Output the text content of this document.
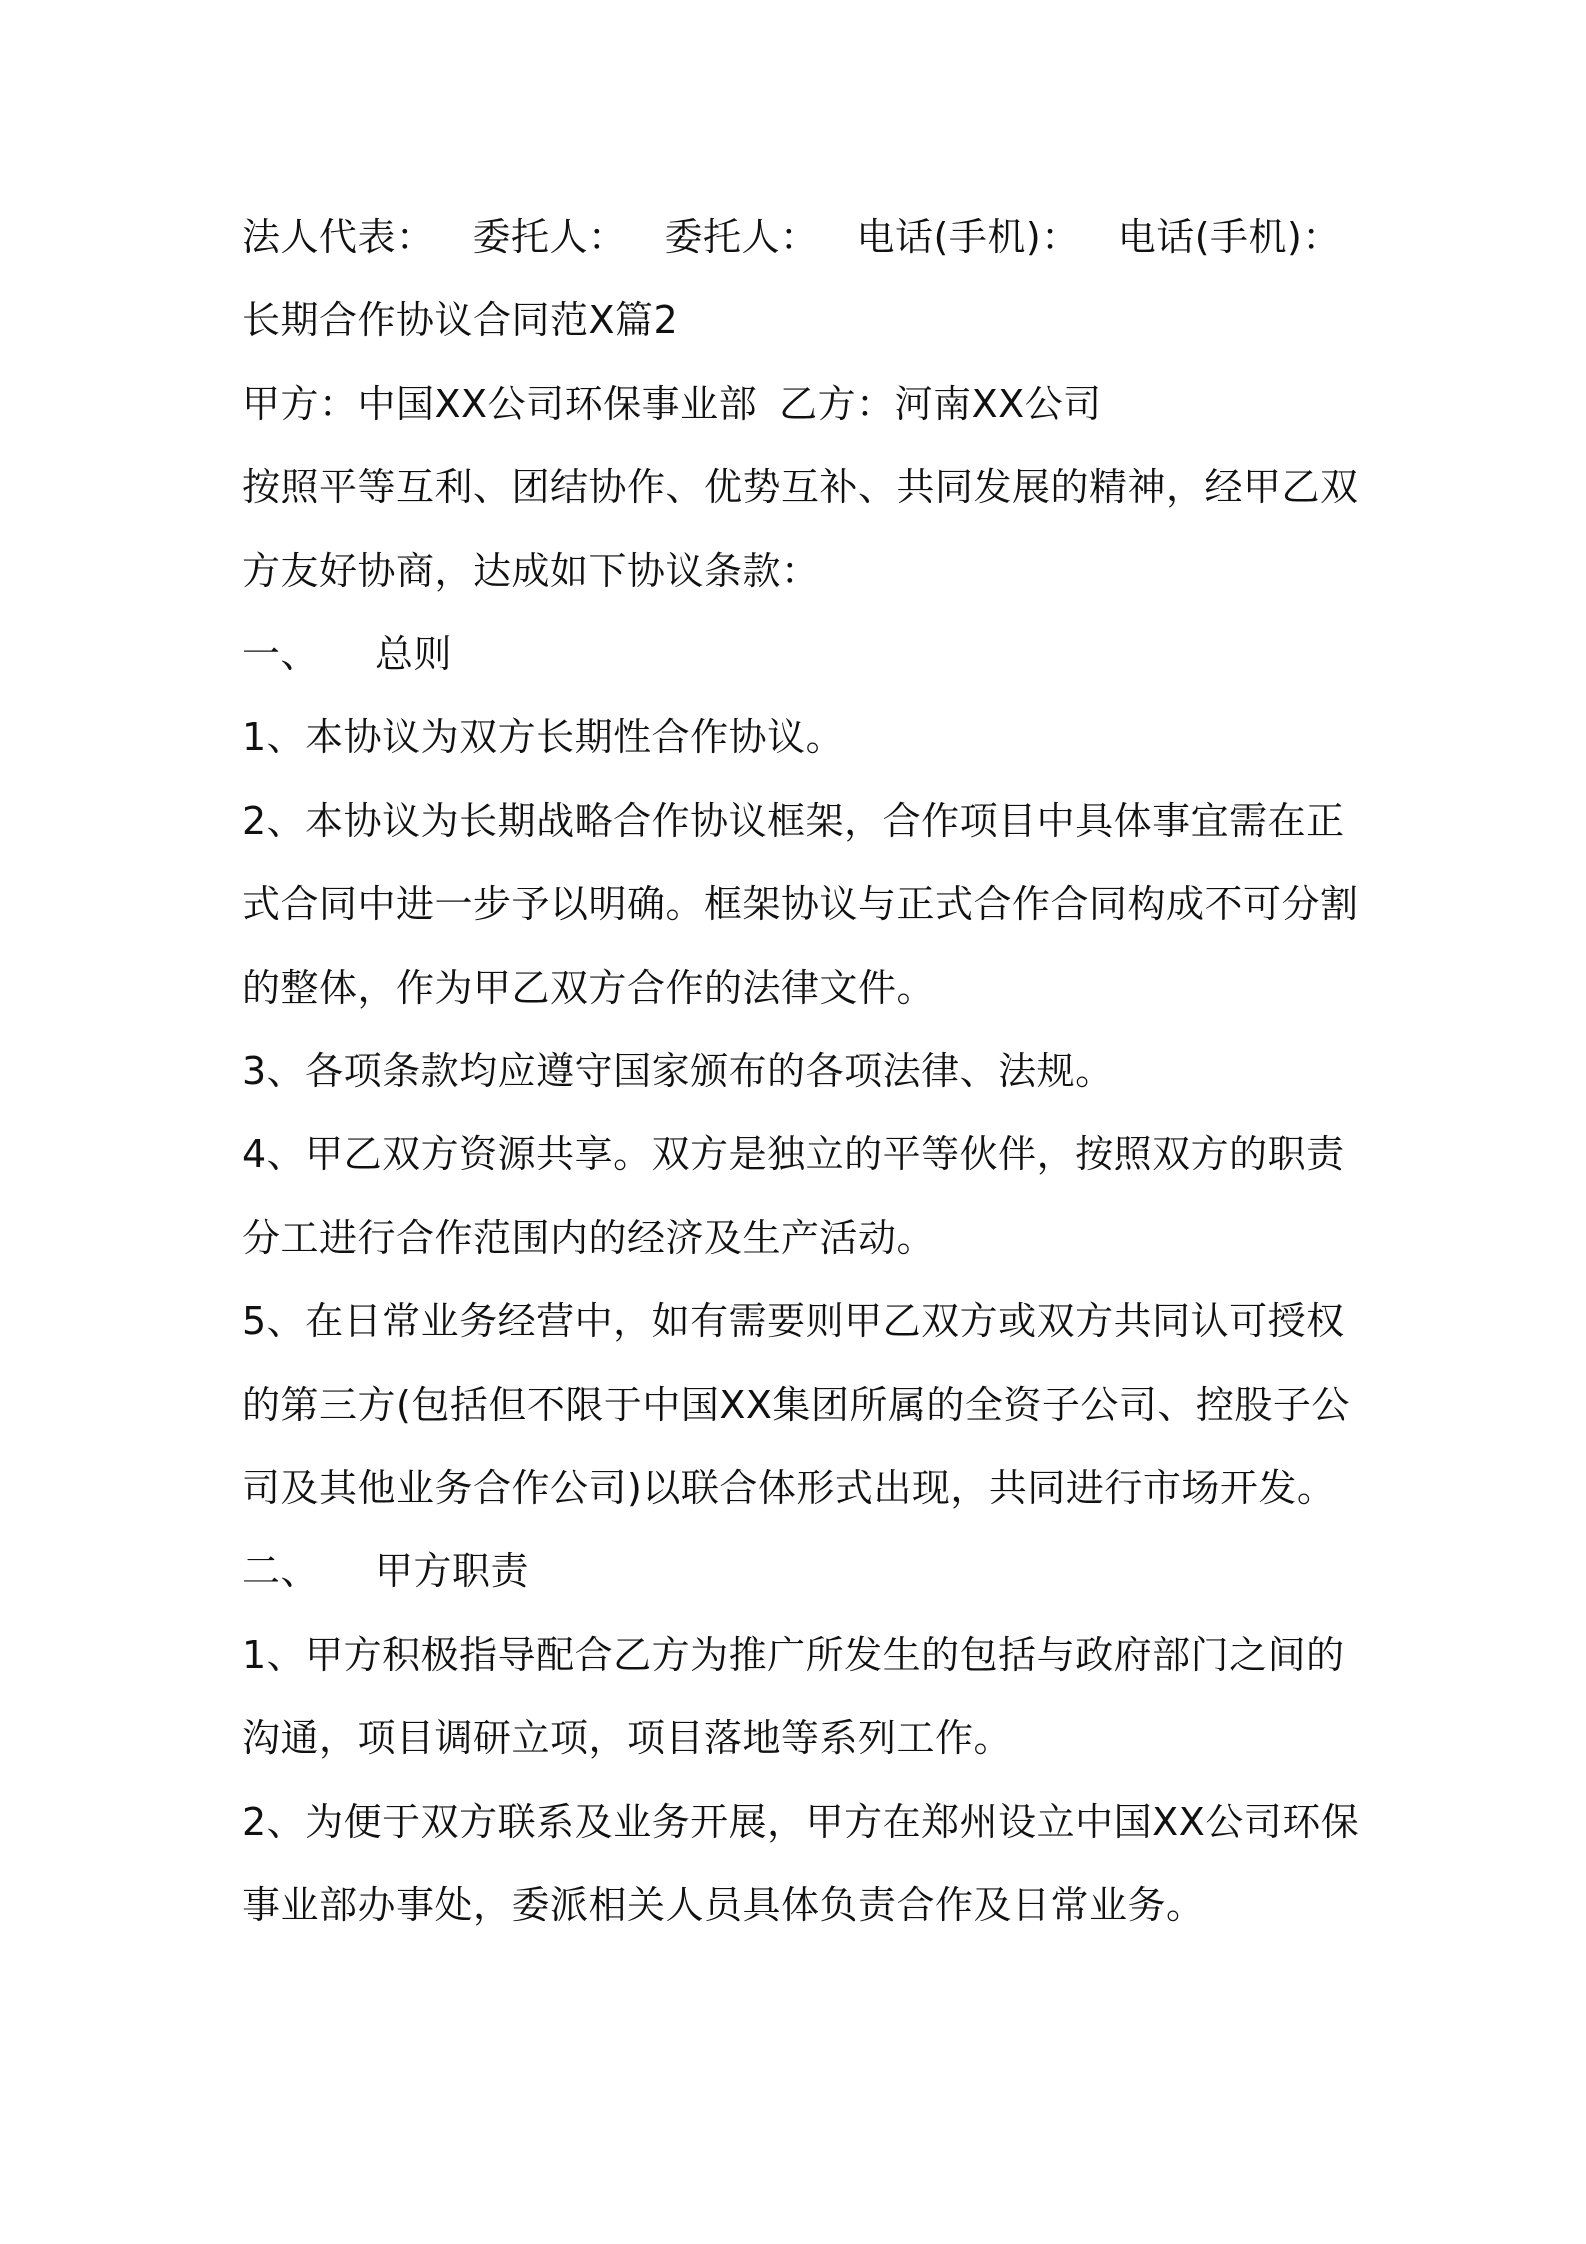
法人代表： 委托人： 委托人： 电话(手机)： 电话(手机)：
长期合作协议合同范X篇2
甲方：中国XX公司环保事业部 乙方：河南XX公司
按照平等互利、团结协作、优势互补、共同发展的精神，经甲乙双方友好协商，达成如下协议条款：
一、 总则
1、本协议为双方长期性合作协议。
2、本协议为长期战略合作协议框架，合作项目中具体事宜需在正式合同中进一步予以明确。框架协议与正式合作合同构成不可分割的整体，作为甲乙双方合作的法律文件。
3、各项条款均应遵守国家颁布的各项法律、法规。
4、甲乙双方资源共享。双方是独立的平等伙伴，按照双方的职责分工进行合作范围内的经济及生产活动。
5、在日常业务经营中，如有需要则甲乙双方或双方共同认可授权的第三方(包括但不限于中国XX集团所属的全资子公司、控股子公司及其他业务合作公司)以联合体形式出现，共同进行市场开发。
二、 甲方职责
1、甲方积极指导配合乙方为推广所发生的包括与政府部门之间的沟通，项目调研立项，项目落地等系列工作。
2、为便于双方联系及业务开展，甲方在郑州设立中国XX公司环保事业部办事处，委派相关人员具体负责合作及日常业务。
